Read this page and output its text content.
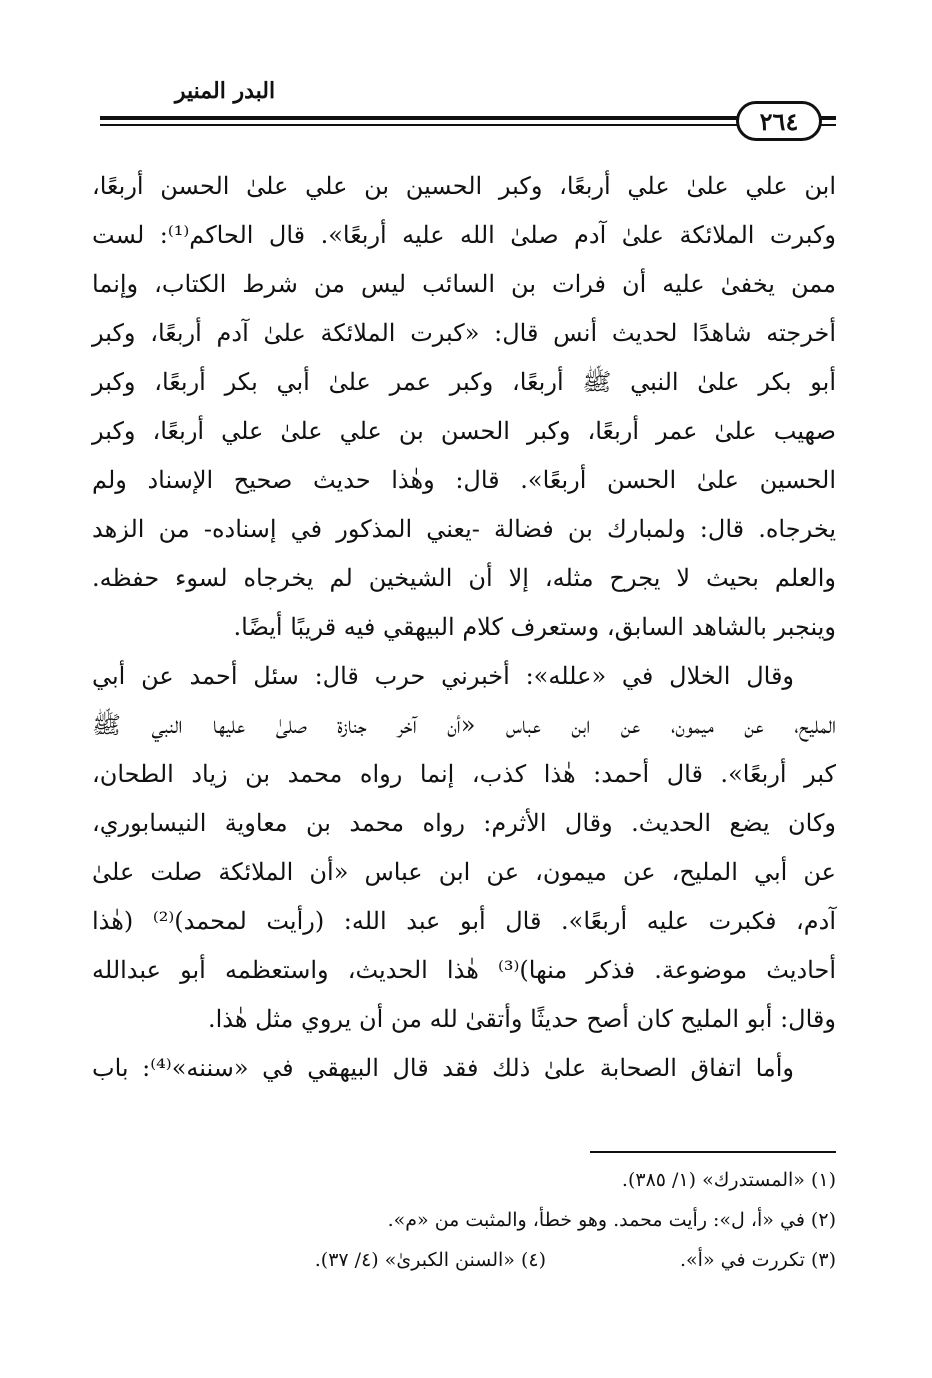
٢٦٤
البدر المنير
ابن علي علىٰ علي أربعًا، وكبر الحسين بن علي علىٰ الحسن أربعًا،
وكبرت الملائكة علىٰ آدم صلىٰ الله عليه أربعًا». قال الحاكم⁽¹⁾: لست
ممن يخفىٰ عليه أن فرات بن السائب ليس من شرط الكتاب، وإنما
أخرجته شاهدًا لحديث أنس قال: «كبرت الملائكة علىٰ آدم أربعًا، وكبر
أبو بكر علىٰ النبي ﷺ أربعًا، وكبر عمر علىٰ أبي بكر أربعًا، وكبر
صهيب علىٰ عمر أربعًا، وكبر الحسن بن علي علىٰ علي أربعًا، وكبر
الحسين علىٰ الحسن أربعًا». قال: وهٰذا حديث صحيح الإسناد ولم
يخرجاه. قال: ولمبارك بن فضالة -يعني المذكور في إسناده- من الزهد
والعلم بحيث لا يجرح مثله، إلا أن الشيخين لم يخرجاه لسوء حفظه.
وينجبر بالشاهد السابق، وستعرف كلام البيهقي فيه قريبًا أيضًا.
وقال الخلال في «علله»: أخبرني حرب قال: سئل أحمد عن أبي
المليح، عن ميمون، عن ابن عباس «أن آخر جنازة صلىٰ عليها النبي ﷺ
كبر أربعًا». قال أحمد: هٰذا كذب، إنما رواه محمد بن زياد الطحان،
وكان يضع الحديث. وقال الأثرم: رواه محمد بن معاوية النيسابوري،
عن أبي المليح، عن ميمون، عن ابن عباس «أن الملائكة صلت علىٰ
آدم، فكبرت عليه أربعًا». قال أبو عبد الله: (رأيت لمحمد)⁽²⁾ (هٰذا
أحاديث موضوعة. فذكر منها)⁽³⁾ هٰذا الحديث، واستعظمه أبو عبدالله
وقال: أبو المليح كان أصح حديثًا وأتقىٰ لله من أن يروي مثل هٰذا.
وأما اتفاق الصحابة علىٰ ذلك فقد قال البيهقي في «سننه»⁽⁴⁾: باب
(١) «المستدرك» (١/ ٣٨٥).
(٢) في «أ، ل»: رأيت محمد. وهو خطأ، والمثبت من «م».
(٣) تكررت في «أ».
(٤) «السنن الكبرىٰ» (٤/ ٣٧).
